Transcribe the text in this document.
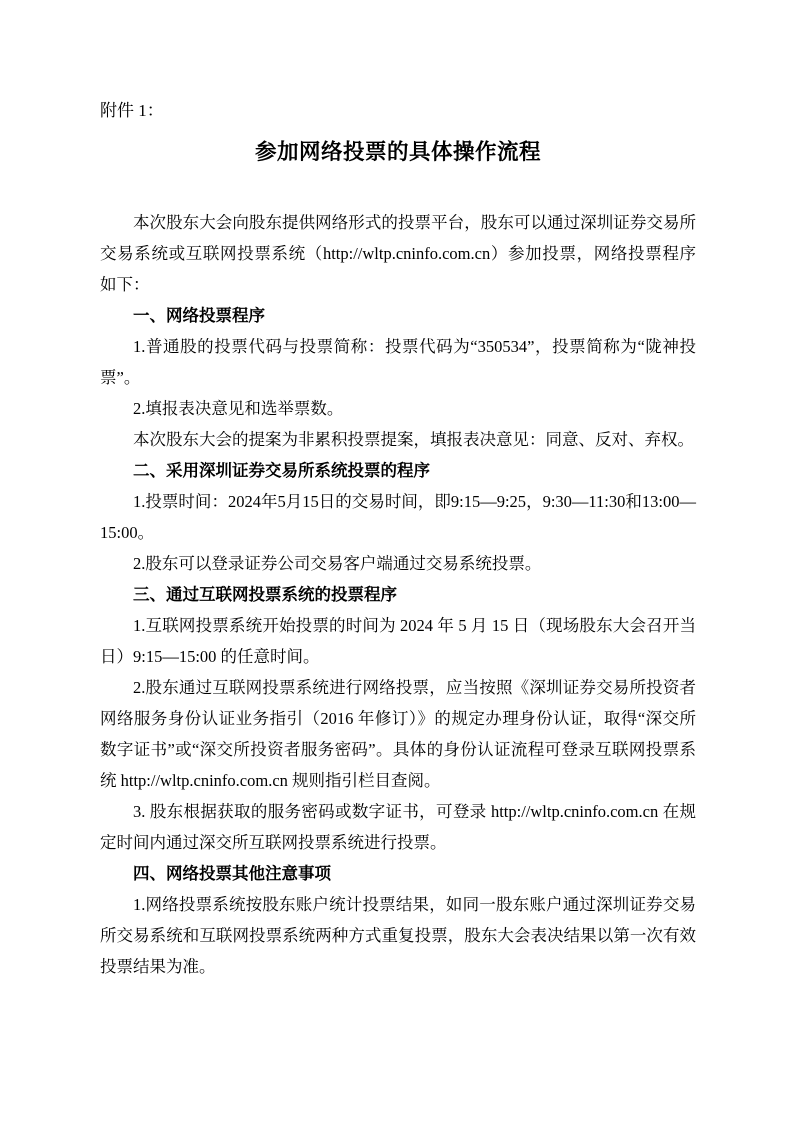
附件 1：
参加网络投票的具体操作流程

本次股东大会向股东提供网络形式的投票平台，股东可以通过深圳证券交易所交易系统或互联网投票系统（http://wltp.cninfo.com.cn）参加投票，网络投票程序如下：

一、网络投票程序

1.普通股的投票代码与投票简称：投票代码为“350534”，投票简称为“陇神投票”。

2.填报表决意见和选举票数。

本次股东大会的提案为非累积投票提案，填报表决意见：同意、反对、弃权。

二、采用深圳证券交易所系统投票的程序

1.投票时间：2024年5月15日的交易时间，即9:15—9:25，9:30—11:30和13:00—15:00。

2.股东可以登录证券公司交易客户端通过交易系统投票。

三、通过互联网投票系统的投票程序

1.互联网投票系统开始投票的时间为 2024 年 5 月 15 日（现场股东大会召开当日）9:15—15:00 的任意时间。

2.股东通过互联网投票系统进行网络投票，应当按照《深圳证券交易所投资者网络服务身份认证业务指引（2016 年修订）》的规定办理身份认证，取得“深交所数字证书”或“深交所投资者服务密码”。具体的身份认证流程可登录互联网投票系统 http://wltp.cninfo.com.cn 规则指引栏目查阅。

3. 股东根据获取的服务密码或数字证书，可登录 http://wltp.cninfo.com.cn 在规定时间内通过深交所互联网投票系统进行投票。

四、网络投票其他注意事项

1.网络投票系统按股东账户统计投票结果，如同一股东账户通过深圳证券交易所交易系统和互联网投票系统两种方式重复投票，股东大会表决结果以第一次有效投票结果为准。
